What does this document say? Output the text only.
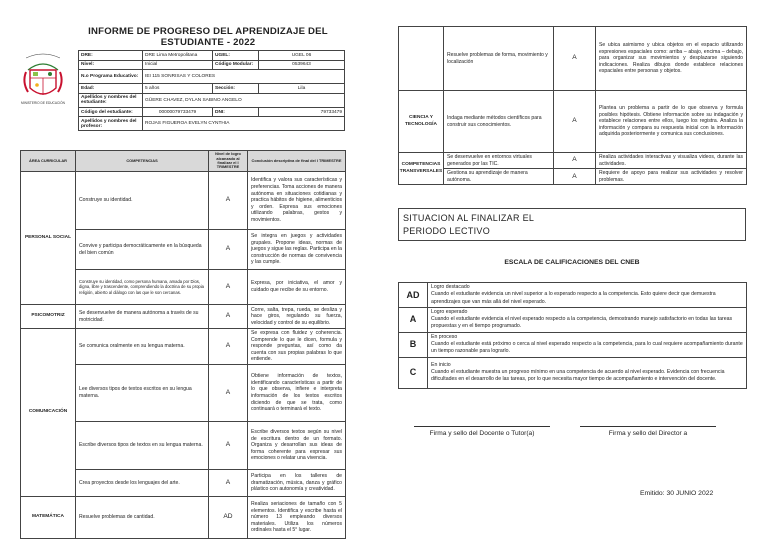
INFORME DE PROGRESO DEL APRENDIZAJE DEL ESTUDIANTE - 2022
MINISTERIO DE EDUCACIÓN
DRE:	DRE Lima Metropolitana	UGEL:	UGEL 06
Nivel:	Inicial	Código Modular:	0539643
N.o Programa Educativo:	IEI 115 SONRISAS Y COLORES		
Edad:	5 años	Sección:	Lila
Apellidos y nombres del estudiante:	GÜERE CHAVEZ, DYLAN SABINO ANGELO		
Código del estudiante:	00000079733479	DNI:	79733479
Apellidos y nombres del profesor:	ROJAS FIGUEROA EVELYN CYNTHIA		
ÁREA CURRICULAR	COMPETENCIAS	Nivel de logro alcanzado al finalizar el I TRIMESTRE	Conclusión descriptiva de final del I TRIMESTRE
PERSONAL SOCIAL	Construye su identidad.	A	Identifica y valora sus características y preferencias. Toma acciones de manera autónoma en situaciones cotidianas y practica hábitos de higiene, alimenticios y orden. Expresa sus emociones utilizando palabras, gestos y movimientos.
	Convive y participa democráticamente en la búsqueda del bien común	A	Se integra en juegos y actividades grupales. Propone ideas, normas de juegos y sigue las reglas. Participa en la construcción de normas de convivencia y las cumple.
	Construye su identidad, como persona humana, amada por Dios, digna, libre y trascendente, comprendiendo la doctrina de su propia religión, abierto al diálogo con las que le son cercanas.	A	Expresa, por iniciativa, el amor y cuidado que recibe de su entorno.
PSICOMOTRIZ	Se desenvuelve de manera autónoma a través de su motricidad.	A	Corre, salta, trepa, rueda, se desliza y hace giros, regulando su fuerza, velocidad y control de su equilibrio.
COMUNICACIÓN	Se comunica oralmente en su lengua materna.	A	Se expresa con fluidez y coherencia. Comprende lo que le dicen, formula y responde preguntas, así como da cuenta con sus propias palabras lo que entiende.
	Lee diversos tipos de textos escritos en su lengua materna.	A	Obtiene información de textos, identificando características a partir de lo que observa, infiere e interpreta información de los textos escritos diciendo de que se trata, como continuará o terminará el texto.
	Escribe diversos tipos de textos en su lengua materna.	A	Escribe diversos textos según su nivel de escritura dentro de un formato. Organiza y desarrollan sus ideas de forma coherente para expresar sus emociones o relatar una vivencia.
	Crea proyectos desde los lenguajes del arte.	A	Participa en los talleres de dramatización, música, danza y gráfico plástico con autonomía y creatividad.
MATEMÁTICA	Resuelve problemas de cantidad.	AD	Realiza seriaciones de tamaño con 5 elementos. Identifica y escribe hasta el número 13 empleando diversos materiales. Utiliza los números ordinales hasta el 5° lugar.
	Resuelve problemas de forma, movimiento y localización	A	Se ubica asimismo y ubica objetos en el espacio utilizando expresiones espaciales como: arriba – abajo, encima – debajo, para organizar sus movimientos y desplazarse siguiendo indicaciones. Realiza dibujos donde establece relaciones espaciales entre personas y objetos.
CIENCIA Y TECNOLOGÍA	Indaga mediante métodos científicos para construir sus conocimientos.	A	Plantea un problema a partir de lo que observa y formula posibles hipótesis. Obtiene información sobre su indagación y establece relaciones entre ellos, luego los registra. Analiza la información y compara su respuesta inicial con la información adquirida posteriormente y comunica sus conclusiones.
COMPETENCIAS TRANSVERSALES	Se desenvuelve en entornos virtuales generados por las TIC.	A	Realiza actividades interactivas y visualiza videos, durante las actividades.
	Gestiona su aprendizaje de manera autónoma.	A	Requiere de apoyo para realizar sus actividades y resolver problemas.
SITUACION AL FINALIZAR EL
PERIODO LECTIVO
ESCALA DE CALIFICACIONES DEL CNEB
AD	Logro destacado
Cuando el estudiante evidencia un nivel superior a lo esperado respecto a la competencia. Esto quiere decir que demuestra aprendizajes que van más allá del nivel esperado.
A	Logro esperado
Cuando el estudiante evidencia el nivel esperado respecto a la competencia, demostrando manejo satisfactorio en todas las tareas propuestas y en el tiempo programado.
B	En proceso
Cuando el estudiante está próximo o cerca al nivel esperado respecto a la competencia, para lo cual requiere acompañamiento durante un tiempo razonable para lograrlo.
C	En inicio
Cuando el estudiante muestra un progreso mínimo en una competencia de acuerdo al nivel esperado. Evidencia con frecuencia dificultades en el desarrollo de las tareas, por lo que necesita mayor tiempo de acompañamiento e intervención del docente.
Firma y sello del Docente o Tutor(a)	Firma y sello del Director a
Emitido: 30 JUNIO 2022
